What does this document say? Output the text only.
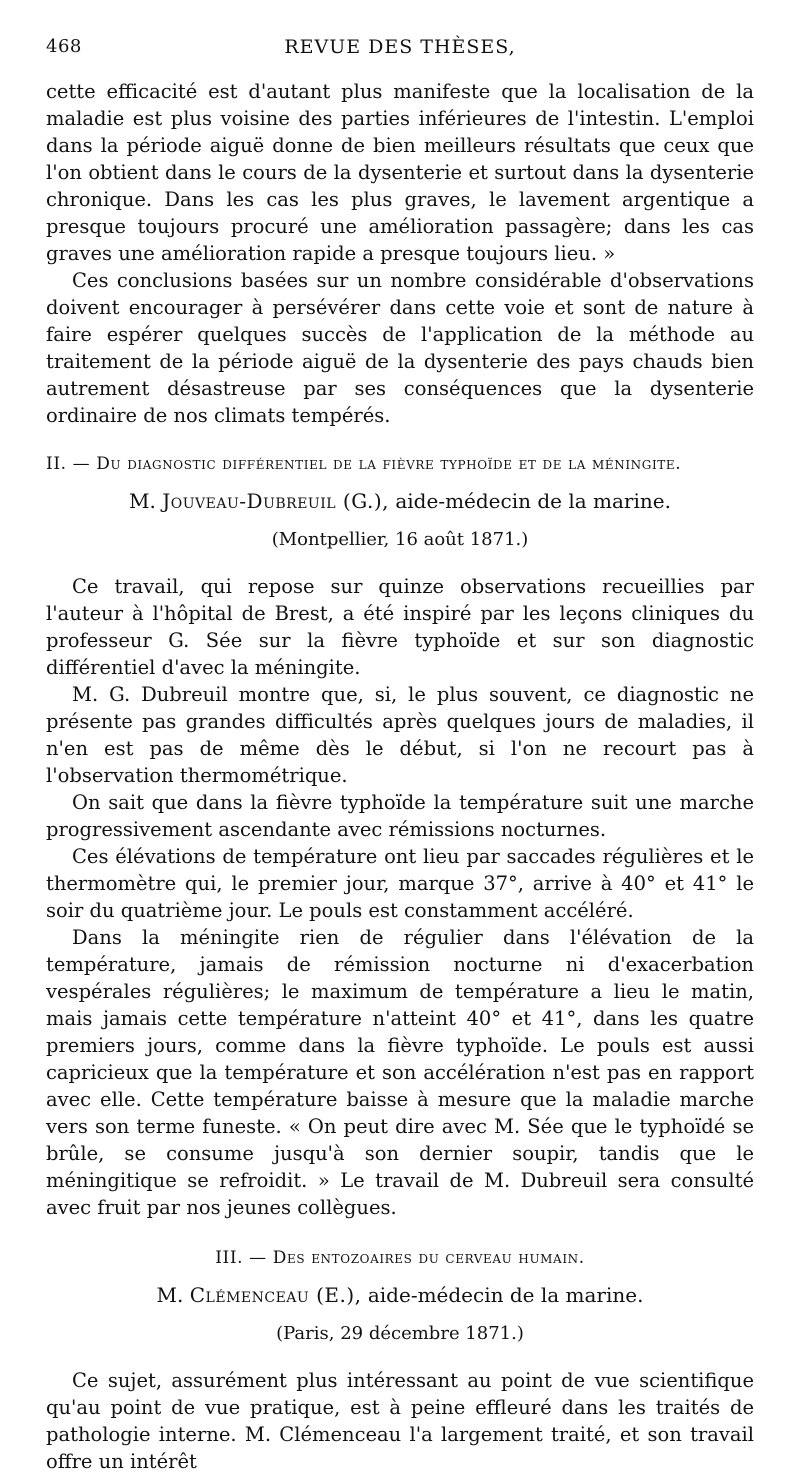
468	REVUE DES THÈSES,

cette efficacité est d'autant plus manifeste que la localisation de la maladie est plus voisine des parties inférieures de l'intestin. L'emploi dans la période aiguë donne de bien meilleurs résultats que ceux que l'on obtient dans le cours de la dysenterie et surtout dans la dysenterie chronique. Dans les cas les plus graves, le lavement argentique a presque toujours procuré une amélioration passagère; dans les cas graves une amélioration rapide a presque toujours lieu. »

Ces conclusions basées sur un nombre considérable d'observations doivent encourager à persévérer dans cette voie et sont de nature à faire espérer quelques succès de l'application de la méthode au traitement de la période aiguë de la dysenterie des pays chauds bien autrement désastreuse par ses conséquences que la dysenterie ordinaire de nos climats tempérés.

II. — Du diagnostic différentiel de la fièvre typhoïde et de la méningite.
M. Jouveau-Dubreuil (G.), aide-médecin de la marine.
(Montpellier, 16 août 1871.)

Ce travail, qui repose sur quinze observations recueillies par l'auteur à l'hôpital de Brest, a été inspiré par les leçons cliniques du professeur G. Sée sur la fièvre typhoïde et sur son diagnostic différentiel d'avec la méningite.

M. G. Dubreuil montre que, si, le plus souvent, ce diagnostic ne présente pas grandes difficultés après quelques jours de maladies, il n'en est pas de même dès le début, si l'on ne recourt pas à l'observation thermométrique.

On sait que dans la fièvre typhoïde la température suit une marche progressivement ascendante avec rémissions nocturnes.

Ces élévations de température ont lieu par saccades régulières et le thermomètre qui, le premier jour, marque 37°, arrive à 40° et 41° le soir du quatrième jour. Le pouls est constamment accéléré.

Dans la méningite rien de régulier dans l'élévation de la température, jamais de rémission nocturne ni d'exacerbation vespérales régulières; le maximum de température a lieu le matin, mais jamais cette température n'atteint 40° et 41°, dans les quatre premiers jours, comme dans la fièvre typhoïde. Le pouls est aussi capricieux que la température et son accélération n'est pas en rapport avec elle. Cette température baisse à mesure que la maladie marche vers son terme funeste. « On peut dire avec M. Sée que le typhoïdé se brûle, se consume jusqu'à son dernier soupir, tandis que le méningitique se refroidit. » Le travail de M. Dubreuil sera consulté avec fruit par nos jeunes collègues.

III. — Des entozoaires du cerveau humain.
M. Clémenceau (E.), aide-médecin de la marine.
(Paris, 29 décembre 1871.)

Ce sujet, assurément plus intéressant au point de vue scientifique qu'au point de vue pratique, est à peine effleuré dans les traités de pathologie interne. M. Clémenceau l'a largement traité, et son travail offre un intérêt
